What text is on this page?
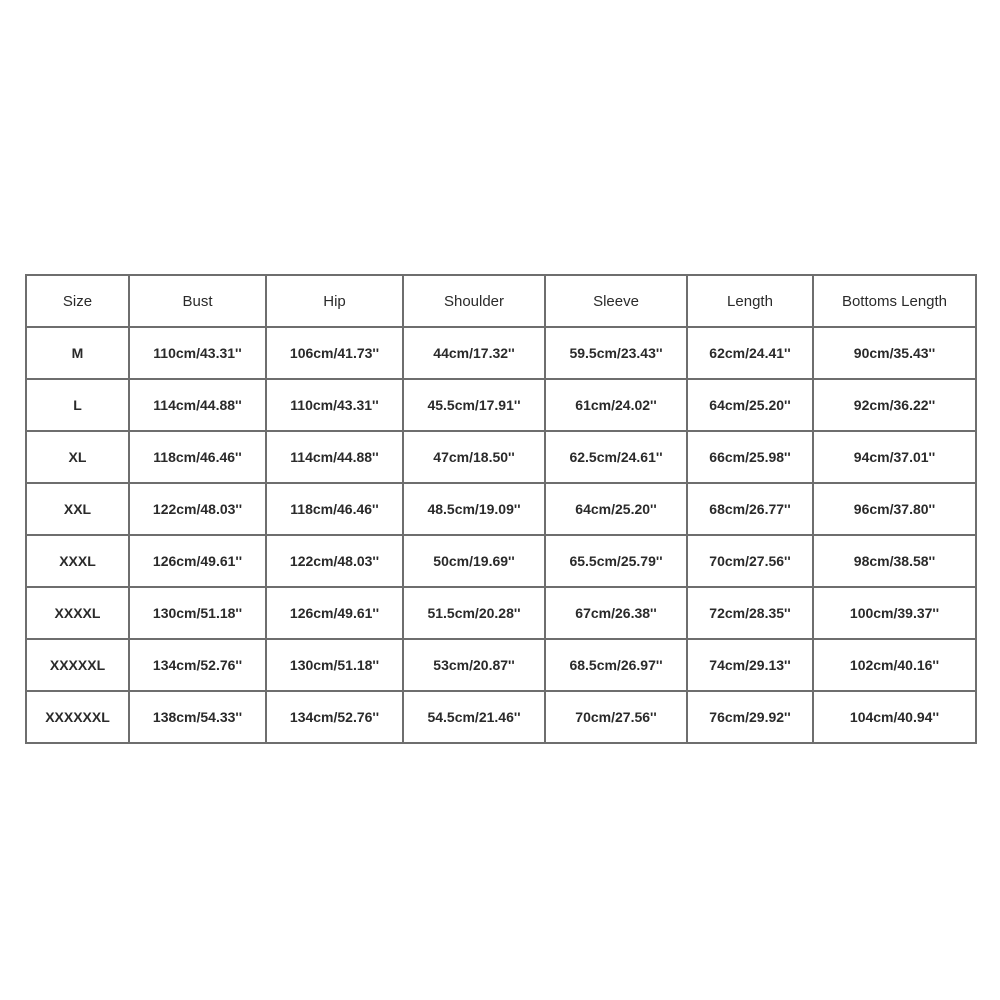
Size	Bust	Hip	Shoulder	Sleeve	Length	Bottoms Length
M	110cm/43.31''	106cm/41.73''	44cm/17.32''	59.5cm/23.43''	62cm/24.41''	90cm/35.43''
L	114cm/44.88''	110cm/43.31''	45.5cm/17.91''	61cm/24.02''	64cm/25.20''	92cm/36.22''
XL	118cm/46.46''	114cm/44.88''	47cm/18.50''	62.5cm/24.61''	66cm/25.98''	94cm/37.01''
XXL	122cm/48.03''	118cm/46.46''	48.5cm/19.09''	64cm/25.20''	68cm/26.77''	96cm/37.80''
XXXL	126cm/49.61''	122cm/48.03''	50cm/19.69''	65.5cm/25.79''	70cm/27.56''	98cm/38.58''
XXXXL	130cm/51.18''	126cm/49.61''	51.5cm/20.28''	67cm/26.38''	72cm/28.35''	100cm/39.37''
XXXXXL	134cm/52.76''	130cm/51.18''	53cm/20.87''	68.5cm/26.97''	74cm/29.13''	102cm/40.16''
XXXXXXL	138cm/54.33''	134cm/52.76''	54.5cm/21.46''	70cm/27.56''	76cm/29.92''	104cm/40.94''
